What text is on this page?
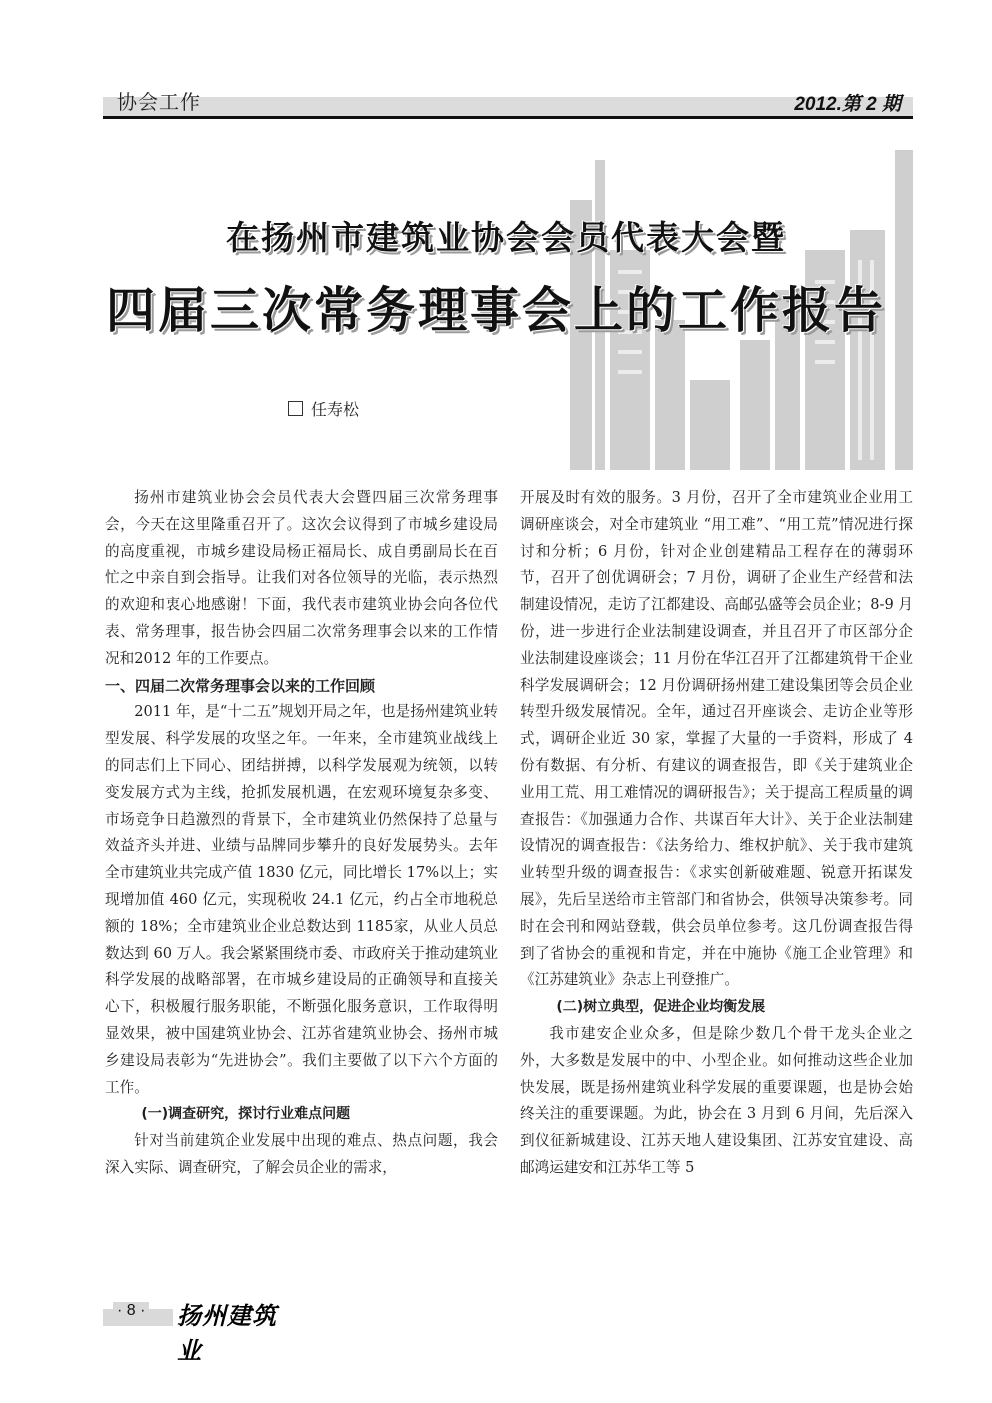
协会工作	2012.第 2 期
在扬州市建筑业协会会员代表大会暨
四届三次常务理事会上的工作报告
任寿松

扬州市建筑业协会会员代表大会暨四届三次常务理事会，今天在这里隆重召开了。这次会议得到了市城乡建设局的高度重视，市城乡建设局杨正福局长、成自勇副局长在百忙之中亲自到会指导。让我们对各位领导的光临，表示热烈的欢迎和衷心地感谢！下面，我代表市建筑业协会向各位代表、常务理事，报告协会四届二次常务理事会以来的工作情况和2012 年的工作要点。

一、四届二次常务理事会以来的工作回顾

2011 年，是“十二五”规划开局之年，也是扬州建筑业转型发展、科学发展的攻坚之年。一年来，全市建筑业战线上的同志们上下同心、团结拼搏，以科学发展观为统领，以转变发展方式为主线，抢抓发展机遇，在宏观环境复杂多变、市场竞争日趋激烈的背景下，全市建筑业仍然保持了总量与效益齐头并进、业绩与品牌同步攀升的良好发展势头。去年全市建筑业共完成产值 1830 亿元，同比增长 17%以上；实现增加值 460 亿元，实现税收 24.1 亿元，约占全市地税总额的 18%；全市建筑业企业总数达到 1185家，从业人员总数达到 60 万人。我会紧紧围绕市委、市政府关于推动建筑业科学发展的战略部署，在市城乡建设局的正确领导和直接关心下，积极履行服务职能，不断强化服务意识，工作取得明显效果，被中国建筑业协会、江苏省建筑业协会、扬州市城乡建设局表彰为“先进协会”。我们主要做了以下六个方面的工作。

(一)调查研究，探讨行业难点问题

针对当前建筑企业发展中出现的难点、热点问题，我会深入实际、调查研究，了解会员企业的需求，

开展及时有效的服务。3 月份，召开了全市建筑业企业用工调研座谈会，对全市建筑业 “用工难”、“用工荒”情况进行探讨和分析；6 月份，针对企业创建精品工程存在的薄弱环节，召开了创优调研会；7 月份，调研了企业生产经营和法制建设情况，走访了江都建设、高邮弘盛等会员企业；8-9 月份，进一步进行企业法制建设调查，并且召开了市区部分企业法制建设座谈会；11 月份在华江召开了江都建筑骨干企业科学发展调研会；12 月份调研扬州建工建设集团等会员企业转型升级发展情况。全年，通过召开座谈会、走访企业等形式，调研企业近 30 家，掌握了大量的一手资料，形成了 4 份有数据、有分析、有建议的调查报告，即《关于建筑业企业用工荒、用工难情况的调研报告》；关于提高工程质量的调查报告：《加强通力合作、共谋百年大计》、关于企业法制建设情况的调查报告：《法务给力、维权护航》、关于我市建筑业转型升级的调查报告：《求实创新破难题、锐意开拓谋发展》，先后呈送给市主管部门和省协会，供领导决策参考。同时在会刊和网站登载，供会员单位参考。这几份调查报告得到了省协会的重视和肯定，并在中施协《施工企业管理》和《江苏建筑业》杂志上刊登推广。

(二)树立典型，促进企业均衡发展

我市建安企业众多，但是除少数几个骨干龙头企业之外，大多数是发展中的中、小型企业。如何推动这些企业加快发展，既是扬州建筑业科学发展的重要课题，也是协会始终关注的重要课题。为此，协会在 3 月到 6 月间，先后深入到仪征新城建设、江苏天地人建设集团、江苏安宜建设、高邮鸿运建安和江苏华工等 5

· 8 · 扬州建筑业
